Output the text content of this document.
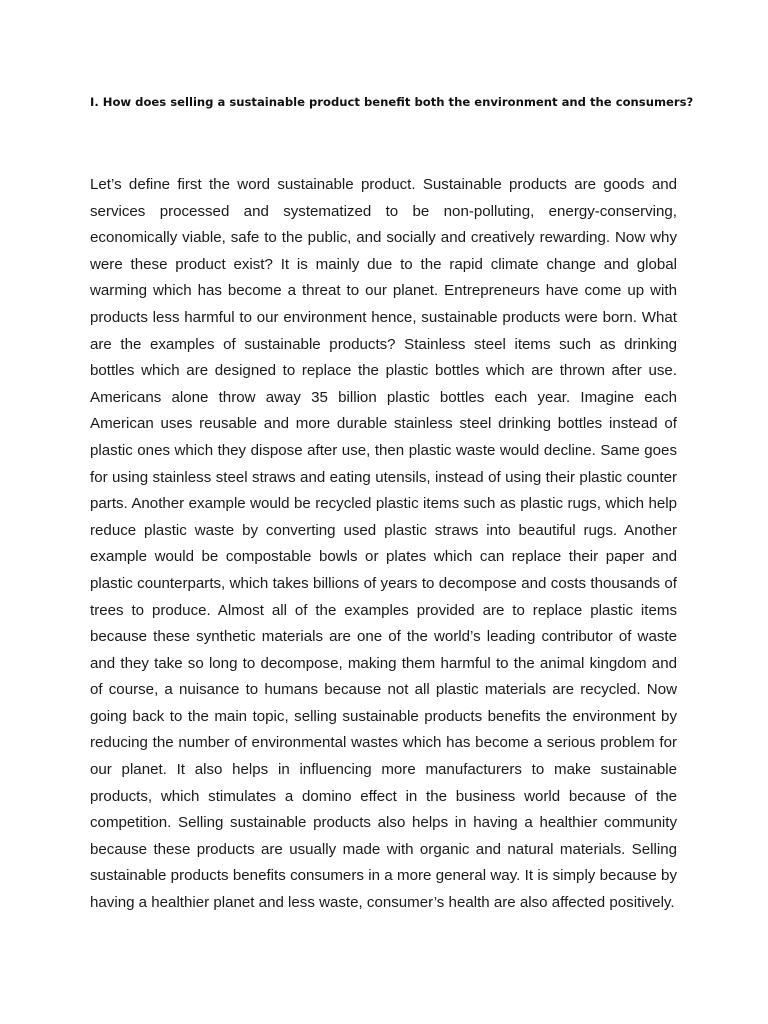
I. How does selling a sustainable product benefit both the environment and the consumers?

Let’s define first the word sustainable product. Sustainable products are goods and services processed and systematized to be non-polluting, energy-conserving, economically viable, safe to the public, and socially and creatively rewarding. Now why were these product exist? It is mainly due to the rapid climate change and global warming which has become a threat to our planet. Entrepreneurs have come up with products less harmful to our environment hence, sustainable products were born. What are the examples of sustainable products? Stainless steel items such as drinking bottles which are designed to replace the plastic bottles which are thrown after use. Americans alone throw away 35 billion plastic bottles each year. Imagine each American uses reusable and more durable stainless steel drinking bottles instead of plastic ones which they dispose after use, then plastic waste would decline. Same goes for using stainless steel straws and eating utensils, instead of using their plastic counter parts. Another example would be recycled plastic items such as plastic rugs, which help reduce plastic waste by converting used plastic straws into beautiful rugs. Another example would be compostable bowls or plates which can replace their paper and plastic counterparts, which takes billions of years to decompose and costs thousands of trees to produce. Almost all of the examples provided are to replace plastic items because these synthetic materials are one of the world’s leading contributor of waste and they take so long to decompose, making them harmful to the animal kingdom and of course, a nuisance to humans because not all plastic materials are recycled. Now going back to the main topic, selling sustainable products benefits the environment by reducing the number of environmental wastes which has become a serious problem for our planet. It also helps in influencing more manufacturers to make sustainable products, which stimulates a domino effect in the business world because of the competition. Selling sustainable products also helps in having a healthier community because these products are usually made with organic and natural materials. Selling sustainable products benefits consumers in a more general way. It is simply because by having a healthier planet and less waste, consumer’s health are also affected positively.
